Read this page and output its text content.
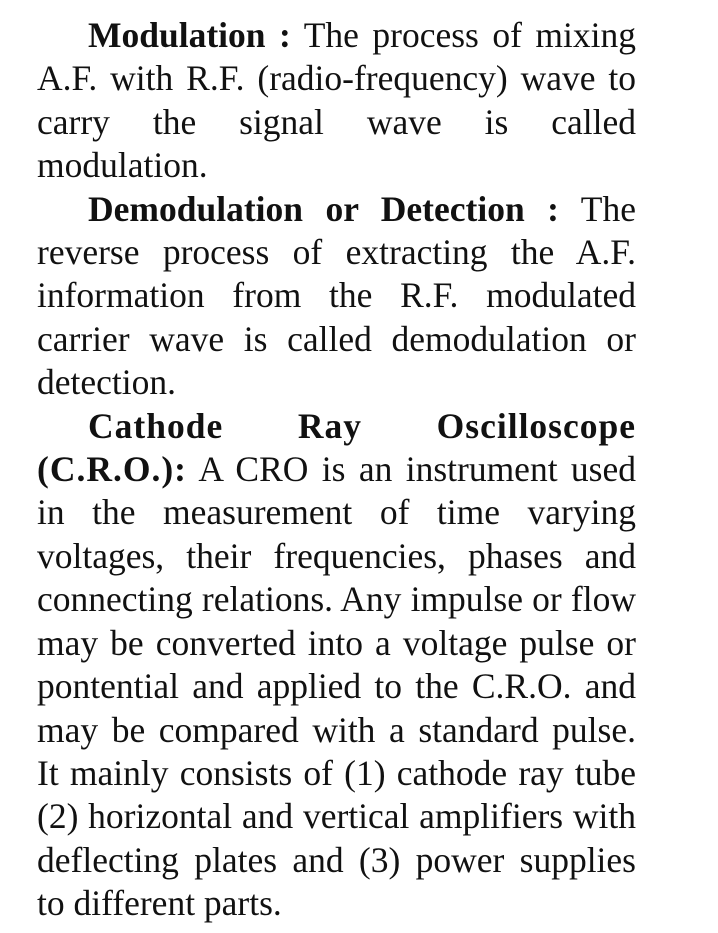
Modulation : The process of mixing A.F. with R.F. (radio-frequency) wave to carry the signal wave is called modulation.

Demodulation or Detection : The reverse process of extracting the A.F. information from the R.F. modulated carrier wave is called demodulation or detection.

Cathode Ray Oscilloscope (C.R.O.): A CRO is an instrument used in the measurement of time varying voltages, their frequencies, phases and connecting relations. Any impulse or flow may be converted into a voltage pulse or pontential and applied to the C.R.O. and may be compared with a standard pulse. It mainly consists of (1) cathode ray tube (2) horizontal and vertical amplifiers with deflecting plates and (3) power supplies to different parts.
